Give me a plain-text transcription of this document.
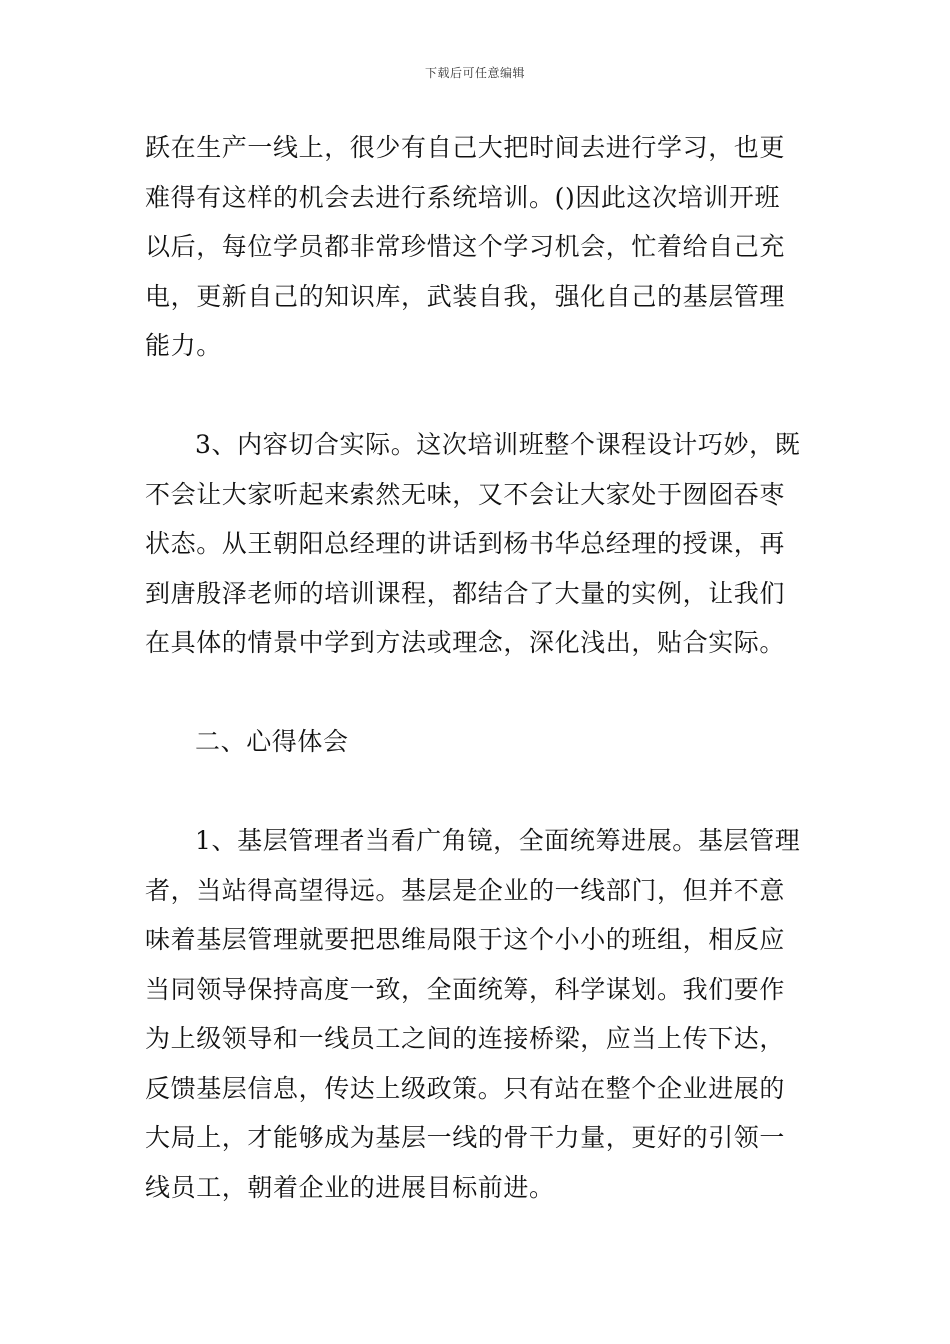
下载后可任意编辑
跃在生产一线上，很少有自己大把时间去进行学习，也更
难得有这样的机会去进行系统培训。()因此这次培训开班
以后，每位学员都非常珍惜这个学习机会，忙着给自己充
电，更新自己的知识库，武装自我，强化自己的基层管理
能力。
3、内容切合实际。这次培训班整个课程设计巧妙，既
不会让大家听起来索然无味，又不会让大家处于囫囵吞枣
状态。从王朝阳总经理的讲话到杨书华总经理的授课，再
到唐殷泽老师的培训课程，都结合了大量的实例，让我们
在具体的情景中学到方法或理念，深化浅出，贴合实际。
二、心得体会
1、基层管理者当看广角镜，全面统筹进展。基层管理
者，当站得高望得远。基层是企业的一线部门，但并不意
味着基层管理就要把思维局限于这个小小的班组，相反应
当同领导保持高度一致，全面统筹，科学谋划。我们要作
为上级领导和一线员工之间的连接桥梁，应当上传下达，
反馈基层信息，传达上级政策。只有站在整个企业进展的
大局上，才能够成为基层一线的骨干力量，更好的引领一
线员工，朝着企业的进展目标前进。
